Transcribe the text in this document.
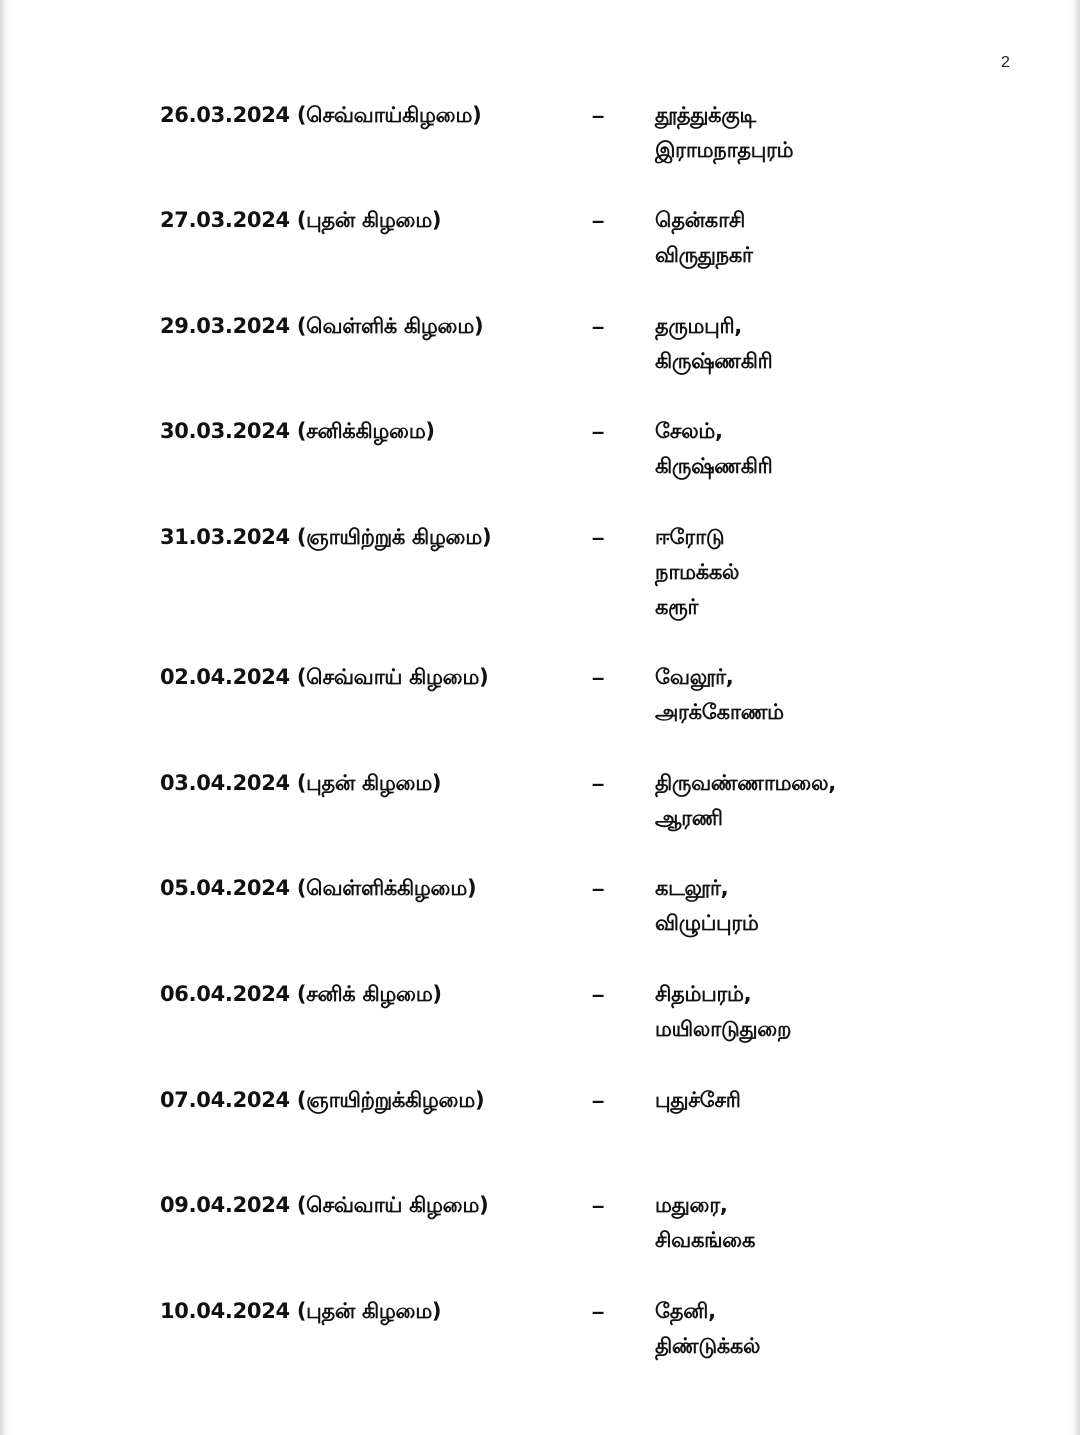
2
26.03.2024 (செவ்வாய்கிழமை)	– தூத்துக்குடி
இராமநாதபுரம்
27.03.2024 (புதன் கிழமை)	– தென்காசி
விருதுநகர்
29.03.2024 (வெள்ளிக் கிழமை)	– தருமபுரி,
கிருஷ்ணகிரி
30.03.2024 (சனிக்கிழமை)	– சேலம்,
கிருஷ்ணகிரி
31.03.2024 (ஞாயிற்றுக் கிழமை)	– ஈரோடு
நாமக்கல்
கரூர்
02.04.2024 (செவ்வாய் கிழமை)	– வேலூர்,
அரக்கோணம்
03.04.2024 (புதன் கிழமை)	– திருவண்ணாமலை,
ஆரணி
05.04.2024 (வெள்ளிக்கிழமை)	– கடலூர்,
விழுப்புரம்
06.04.2024 (சனிக் கிழமை)	– சிதம்பரம்,
மயிலாடுதுறை
07.04.2024 (ஞாயிற்றுக்கிழமை)	– புதுச்சேரி
09.04.2024 (செவ்வாய் கிழமை)	– மதுரை,
சிவகங்கை
10.04.2024 (புதன் கிழமை)	– தேனி,
திண்டுக்கல்
